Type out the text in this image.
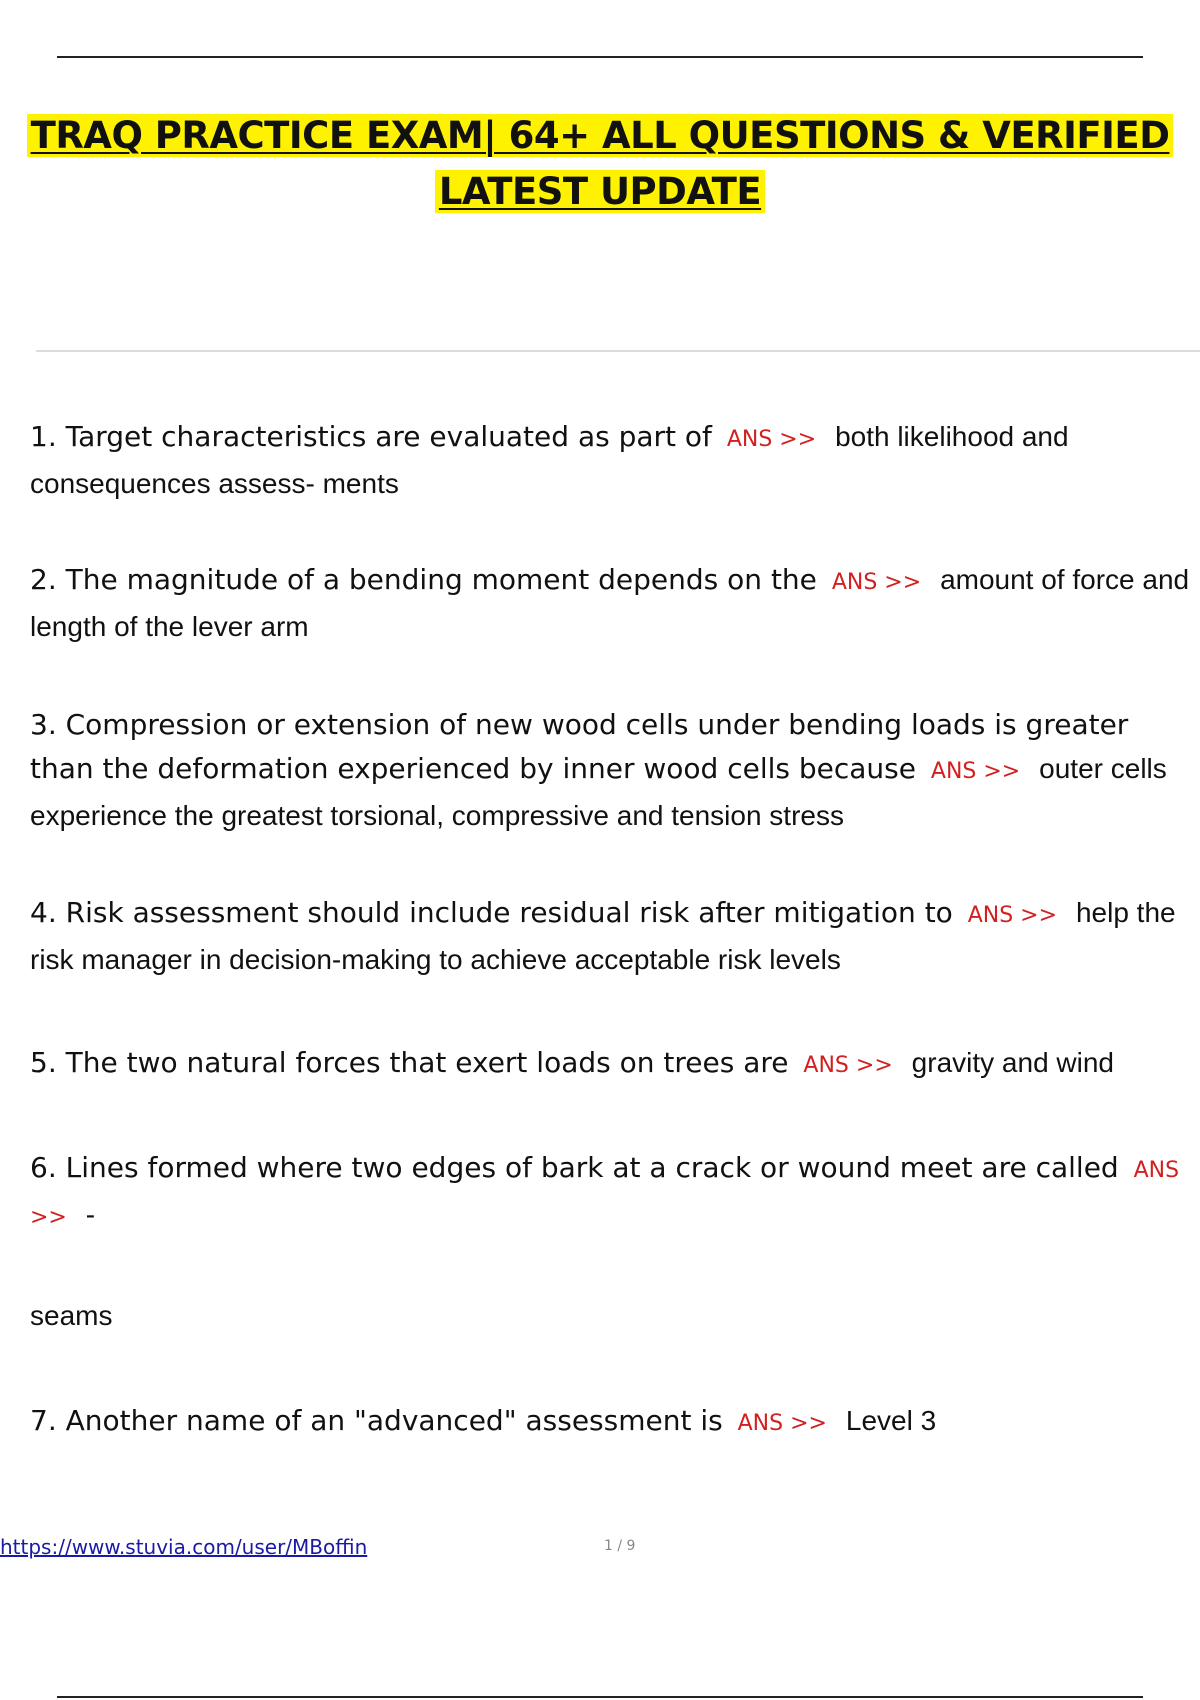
TRAQ PRACTICE EXAM| 64+ ALL QUESTIONS & VERIFIED
LATEST UPDATE

1. Target characteristics are evaluated as part of ANS >> both likelihood and consequences assess- ments

2. The magnitude of a bending moment depends on the ANS >> amount of force and length of the lever arm

3. Compression or extension of new wood cells under bending loads is greater than the deformation experienced by inner wood cells because ANS >> outer cells experience the greatest torsional, compressive and tension stress

4. Risk assessment should include residual risk after mitigation to ANS >> help the risk manager in decision-making to achieve acceptable risk levels

5. The two natural forces that exert loads on trees are ANS >> gravity and wind

6. Lines formed where two edges of bark at a crack or wound meet are called ANS >> -
seams

7. Another name of an "advanced" assessment is ANS >> Level 3

https://www.stuvia.com/user/MBoffin	1 / 9
